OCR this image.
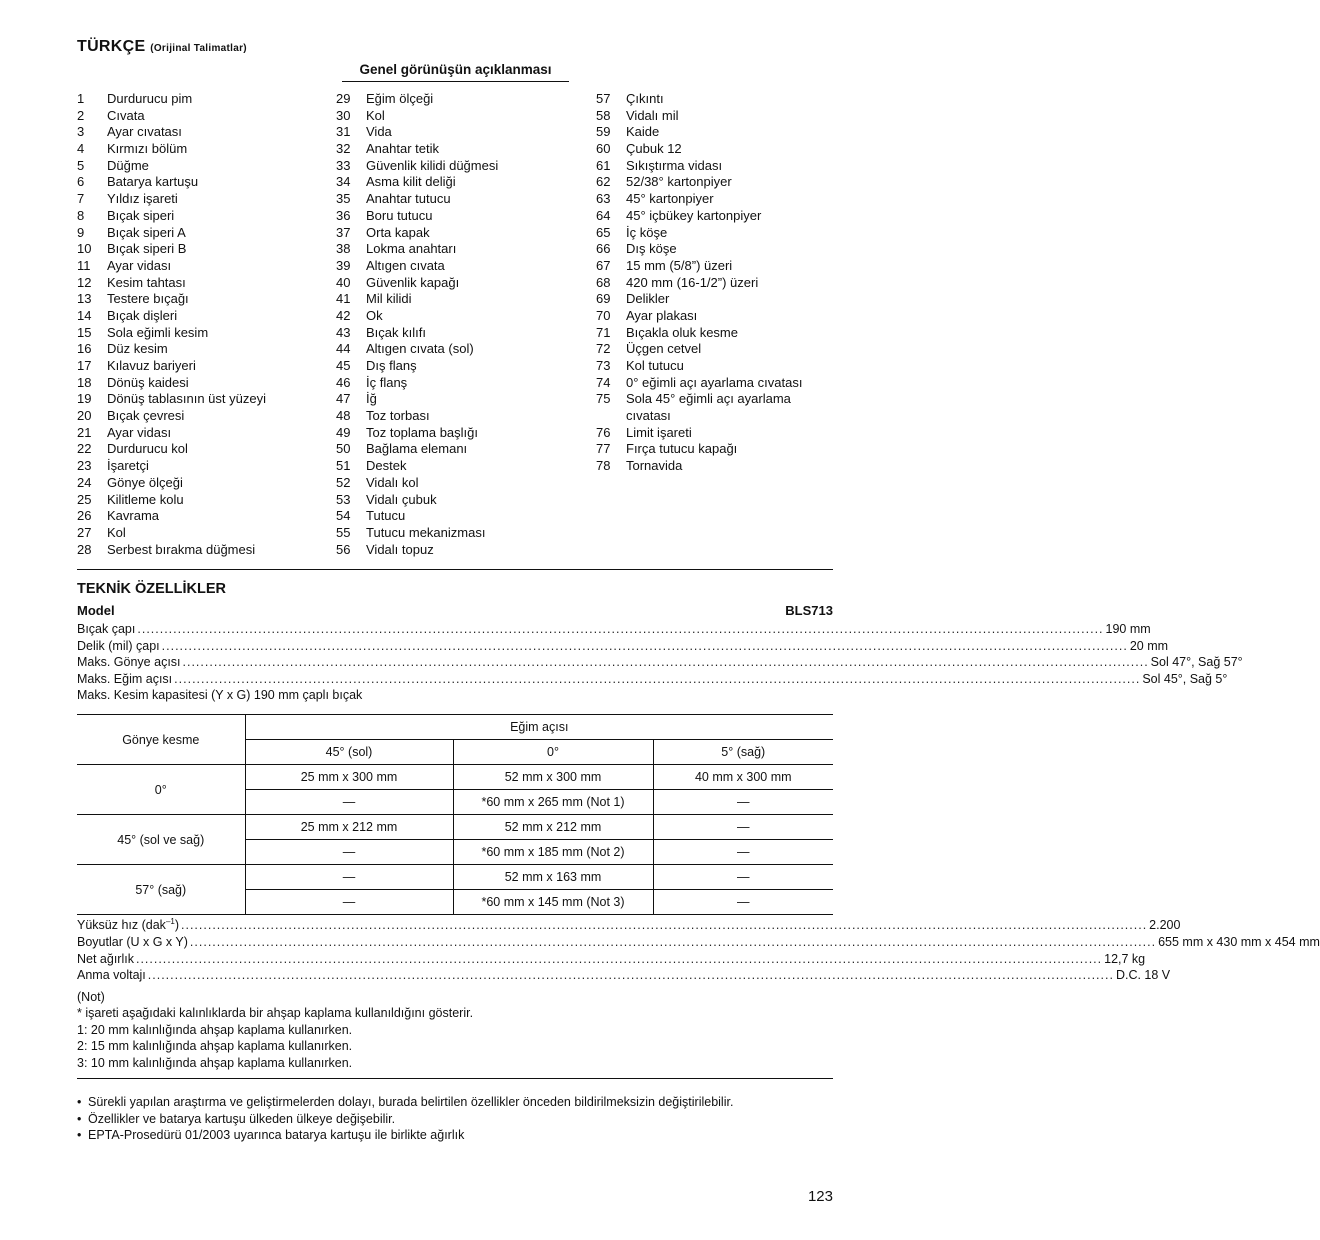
TÜRKÇE (Orijinal Talimatlar)
Genel görünüşün açıklanması
1	Durdurucu pim
2	Cıvata
3	Ayar cıvatası
4	Kırmızı bölüm
5	Düğme
6	Batarya kartuşu
7	Yıldız işareti
8	Bıçak siperi
9	Bıçak siperi A
10	Bıçak siperi B
11	Ayar vidası
12	Kesim tahtası
13	Testere bıçağı
14	Bıçak dişleri
15	Sola eğimli kesim
16	Düz kesim
17	Kılavuz bariyeri
18	Dönüş kaidesi
19	Dönüş tablasının üst yüzeyi
20	Bıçak çevresi
21	Ayar vidası
22	Durdurucu kol
23	İşaretçi
24	Gönye ölçeği
25	Kilitleme kolu
26	Kavrama
27	Kol
28	Serbest bırakma düğmesi
29	Eğim ölçeği
30	Kol
31	Vida
32	Anahtar tetik
33	Güvenlik kilidi düğmesi
34	Asma kilit deliği
35	Anahtar tutucu
36	Boru tutucu
37	Orta kapak
38	Lokma anahtarı
39	Altıgen cıvata
40	Güvenlik kapağı
41	Mil kilidi
42	Ok
43	Bıçak kılıfı
44	Altıgen cıvata (sol)
45	Dış flanş
46	İç flanş
47	İğ
48	Toz torbası
49	Toz toplama başlığı
50	Bağlama elemanı
51	Destek
52	Vidalı kol
53	Vidalı çubuk
54	Tutucu
55	Tutucu mekanizması
56	Vidalı topuz
57	Çıkıntı
58	Vidalı mil
59	Kaide
60	Çubuk 12
61	Sıkıştırma vidası
62	52/38° kartonpiyer
63	45° kartonpiyer
64	45° içbükey kartonpiyer
65	İç köşe
66	Dış köşe
67	15 mm (5/8”) üzeri
68	420 mm (16-1/2”) üzeri
69	Delikler
70	Ayar plakası
71	Bıçakla oluk kesme
72	Üçgen cetvel
73	Kol tutucu
74	0° eğimli açı ayarlama cıvatası
75	Sola 45° eğimli açı ayarlama cıvatası
76	Limit işareti
77	Fırça tutucu kapağı
78	Tornavida
TEKNİK ÖZELLİKLER
Model	BLS713
Bıçak çapı ........................................................................................................................................................................................................................ 190 mm
Delik (mil) çapı ........................................................................................................................................................................................................................ 20 mm
Maks. Gönye açısı ........................................................................................................................................................................................................................ Sol 47°, Sağ 57°
Maks. Eğim açısı ........................................................................................................................................................................................................................ Sol 45°, Sağ 5°
Maks. Kesim kapasitesi (Y x G) 190 mm çaplı bıçak
Gönye kesme	Eğim açısı		
	45° (sol)	0°	5° (sağ)
0°	25 mm x 300 mm	52 mm x 300 mm	40 mm x 300 mm
	—	*60 mm x 265 mm (Not 1)	—
45° (sol ve sağ)	25 mm x 212 mm	52 mm x 212 mm	—
	—	*60 mm x 185 mm (Not 2)	—
57° (sağ)	—	52 mm x 163 mm	—
	—	*60 mm x 145 mm (Not 3)	—
Yüksüz hız (dak$^{-1}$) ........................................................................................................................................................................................................................ 2.200
Boyutlar (U x G x Y) ........................................................................................................................................................................................................................ 655 mm x 430 mm x 454 mm
Net ağırlık ........................................................................................................................................................................................................................ 12,7 kg
Anma voltajı ........................................................................................................................................................................................................................ D.C. 18 V
(Not)
* işareti aşağıdaki kalınlıklarda bir ahşap kaplama kullanıldığını gösterir.
1: 20 mm kalınlığında ahşap kaplama kullanırken.
2: 15 mm kalınlığında ahşap kaplama kullanırken.
3: 10 mm kalınlığında ahşap kaplama kullanırken.
• Sürekli yapılan araştırma ve geliştirmelerden dolayı, burada belirtilen özellikler önceden bildirilmeksizin değiştirilebilir.
• Özellikler ve batarya kartuşu ülkeden ülkeye değişebilir.
• EPTA-Prosedürü 01/2003 uyarınca batarya kartuşu ile birlikte ağırlık
123
